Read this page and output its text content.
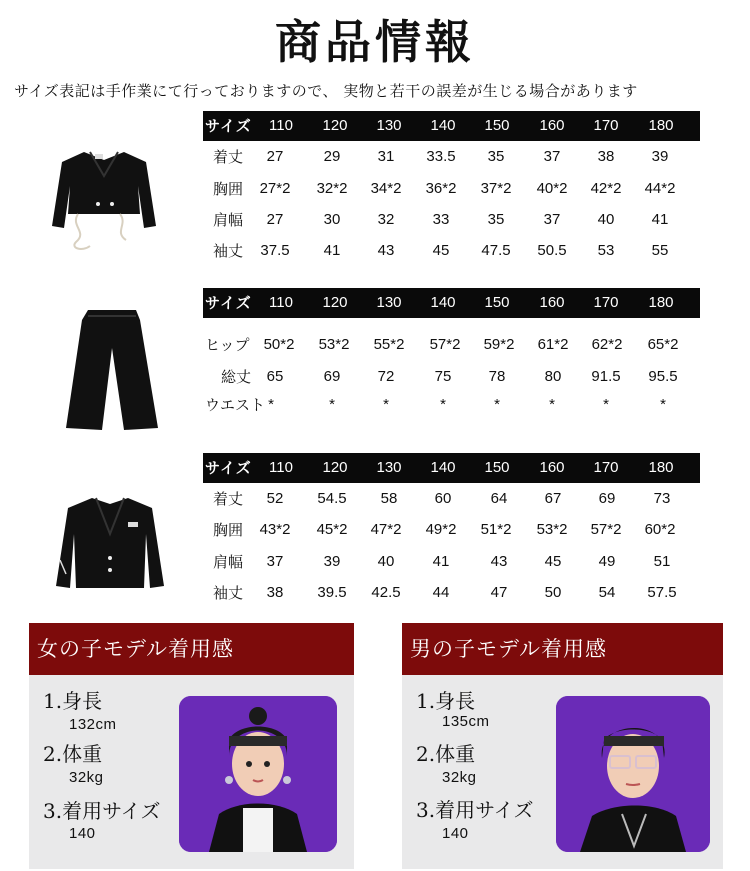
商品情報
サイズ表記は手作業にて行っておりますので、 実物と若干の誤差が生じる場合があります
サイズ	110	120	130	140	150	160	170	180
着丈	27	29	31	33.5	35	37	38	39
胸囲	27*2	32*2	34*2	36*2	37*2	40*2	42*2	44*2
肩幅	27	30	32	33	35	37	40	41
袖丈	37.5	41	43	45	47.5	50.5	53	55
サイズ	110	120	130	140	150	160	170	180
ヒップ 50*2	53*2	55*2	57*2	59*2	61*2	62*2	65*2
総丈	65	69	72	75	78	80	91.5	95.5
ウエスト *	*	*	*	*	*	*	*
サイズ	110	120	130	140	150	160	170	180
着丈	52	54.5	58	60	64	67	69	73
胸囲	43*2	45*2	47*2	49*2	51*2	53*2	57*2	60*2
肩幅	37	39	40	41	43	45	49	51
袖丈	38	39.5	42.5	44	47	50	54	57.5
女の子モデル着用感
1.身長
132cm
2.体重
32kg
3.着用サイズ
140
男の子モデル着用感
1.身長
135cm
2.体重
32kg
3.着用サイズ
140
